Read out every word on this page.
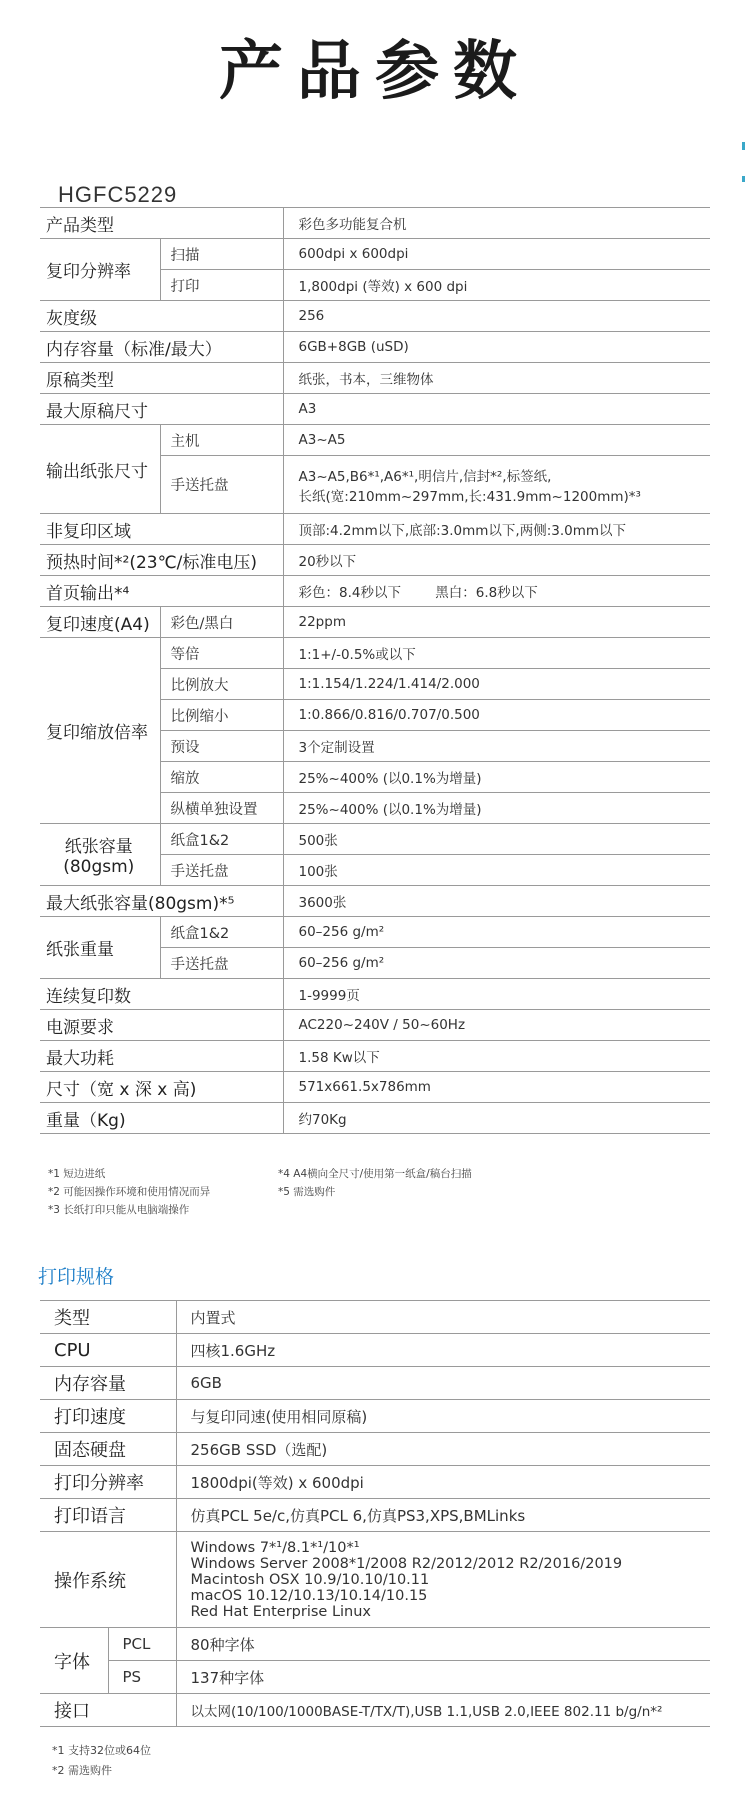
产品参数
HGFC5229
产品类型		彩色多功能复合机
复印分辨率	扫描	600dpi x 600dpi
	打印	1,800dpi (等效) x 600 dpi
灰度级		256
内存容量（标准/最大）		6GB+8GB (uSD)
原稿类型		纸张，书本，三维物体
最大原稿尺寸		A3
输出纸张尺寸	主机	A3~A5
	手送托盘	A3~A5,B6*¹,A6*¹,明信片,信封*²,标签纸,
长纸(宽:210mm~297mm,长:431.9mm~1200mm)*³

非复印区域		顶部:4.2mm以下,底部:3.0mm以下,两侧:3.0mm以下
预热时间*²(23℃/标准电压)		20秒以下
首页输出*⁴		彩色：8.4秒以下        黑白：6.8秒以下
复印速度(A4)	彩色/黑白	22ppm
复印缩放倍率	等倍	1:1+/-0.5%或以下
	比例放大	1:1.154/1.224/1.414/2.000
	比例缩小	1:0.866/0.816/0.707/0.500
	预设	3个定制设置
	缩放	25%~400% (以0.1%为增量)
	纵横单独设置	25%~400% (以0.1%为增量)

纸张容量
(80gsm)	纸盒1&2	500张
	手送托盘	100张
最大纸张容量(80gsm)*⁵		3600张
纸张重量	纸盒1&2	60–256 g/m²
	手送托盘	60–256 g/m²
连续复印数		1-9999页
电源要求		AC220~240V / 50~60Hz
最大功耗		1.58 Kw以下
尺寸（宽 x 深 x 高)		571x661.5x786mm
重量（Kg)		约70Kg
*1 短边进纸
*2 可能因操作环境和使用情况而异
*3 长纸打印只能从电脑端操作
*4 A4横向全尺寸/使用第一纸盒/稿台扫描
*5 需选购件
打印规格
类型		内置式
CPU		四核1.6GHz
内存容量		6GB
打印速度		与复印同速(使用相同原稿)
固态硬盘		256GB SSD（选配)
打印分辨率		1800dpi(等效) x 600dpi
打印语言		仿真PCL 5e/c,仿真PCL 6,仿真PS3,XPS,BMLinks
操作系统		Windows 7*¹/8.1*¹/10*¹
Windows Server 2008*1/2008 R2/2012/2012 R2/2016/2019
Macintosh OSX 10.9/10.10/10.11
macOS 10.12/10.13/10.14/10.15
Red Hat Enterprise Linux

字体	PCL	80种字体
	PS	137种字体
接口		以太网(10/100/1000BASE-T/TX/T),USB 1.1,USB 2.0,IEEE 802.11 b/g/n*²
*1 支持32位或64位
*2 需选购件
